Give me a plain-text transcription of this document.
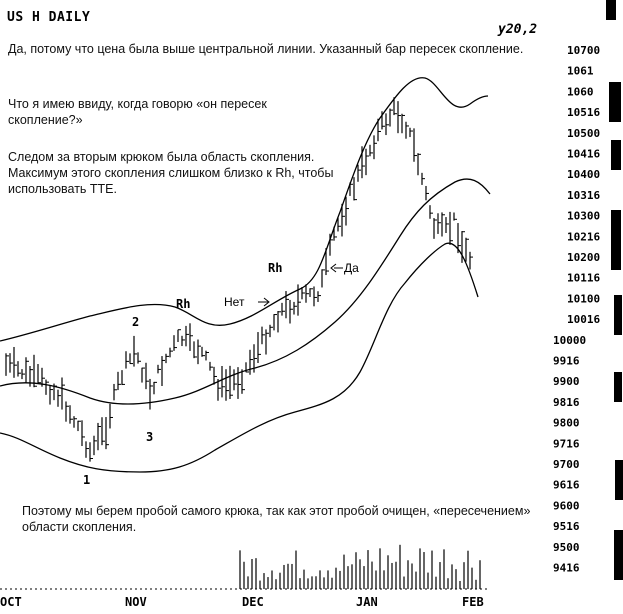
1
2
3
Rh
Rh
Нет
Да
10700
1061
1060
10516
10500
10416
10400
10316
10300
10216
10200
10116
10100
10016
10000
9916
9900
9816
9800
9716
9700
9616
9600
9516
9500
9416
OCT	NOV	DEC	JAN	FEB
US H DAILY
y20,2
Да, потому что цена была выше центральной линии. Указанный бар пересек скопление.
Что я имею ввиду, когда говорю «он пересек скопление?»
Следом за вторым крюком была область скопления. Максимум этого скопления слишком близко к Rh, чтобы использовать TTE.
Поэтому мы берем пробой самого крюка, так как этот пробой очищен, «пересечением» области скопления.
